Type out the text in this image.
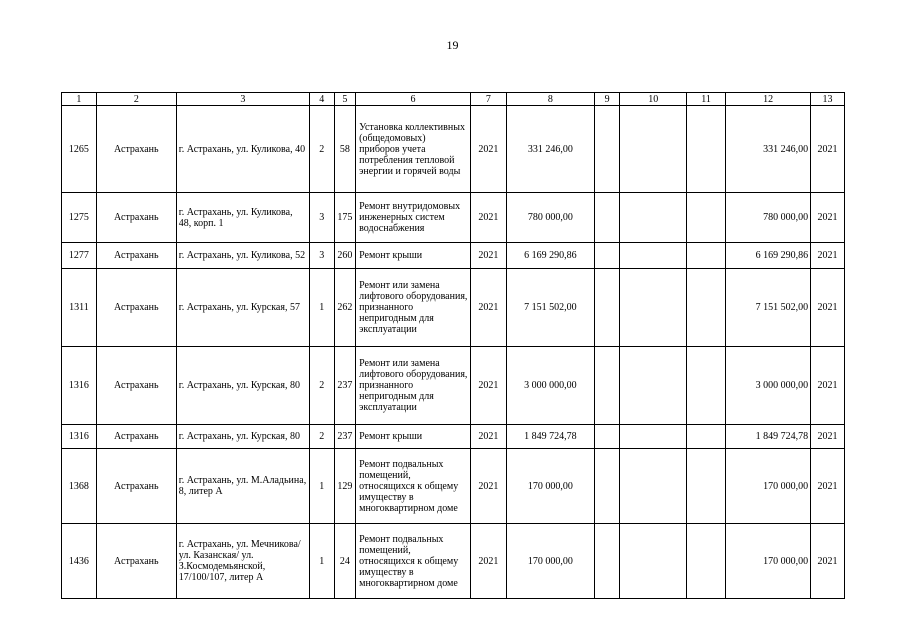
19
1	2	3	4	5	6	7	8	9	10	11	12	13
1265	Астрахань	г. Астрахань, ул. Куликова, 40	2	58	Установка коллективных (общедомовых) приборов учета потребления тепловой энергии и горячей воды	2021	331 246,00				331 246,00	2021
1275	Астрахань	г. Астрахань, ул. Куликова, 48, корп. 1	3	175	Ремонт внутридомовых инженерных систем водоснабжения	2021	780 000,00				780 000,00	2021
1277	Астрахань	г. Астрахань, ул. Куликова, 52	3	260	Ремонт крыши	2021	6 169 290,86				6 169 290,86	2021
1311	Астрахань	г. Астрахань, ул. Курская, 57	1	262	Ремонт или замена лифтового оборудования, признанного непригодным для эксплуатации	2021	7 151 502,00				7 151 502,00	2021
1316	Астрахань	г. Астрахань, ул. Курская, 80	2	237	Ремонт или замена лифтового оборудования, признанного непригодным для эксплуатации	2021	3 000 000,00				3 000 000,00	2021
1316	Астрахань	г. Астрахань, ул. Курская, 80	2	237	Ремонт крыши	2021	1 849 724,78				1 849 724,78	2021
1368	Астрахань	г. Астрахань, ул. М.Аладьина, 8, литер А	1	129	Ремонт подвальных помещений, относящихся к общему имуществу в многоквартирном доме	2021	170 000,00				170 000,00	2021
1436	Астрахань	г. Астрахань, ул. Мечникова/ ул. Казанская/ ул. З.Космодемьянской, 17/100/107, литер А	1	24	Ремонт подвальных помещений, относящихся к общему имуществу в многоквартирном доме	2021	170 000,00				170 000,00	2021
